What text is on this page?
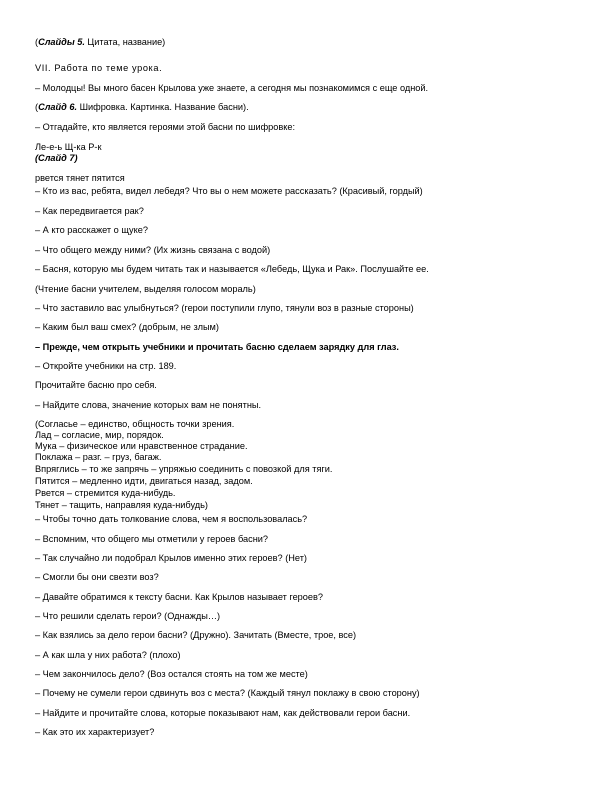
(Слайды 5. Цитата, название)
VII. Работа по теме урока.
– Молодцы! Вы много басен Крылова уже знаете, а сегодня мы познакомимся с еще одной.
(Слайд 6. Шифровка. Картинка. Название басни).
– Отгадайте, кто является героями этой басни по шифровке:
Ле-е-ь Щ-ка Р-к
(Слайд 7)
рвется тянет пятится
– Кто из вас, ребята, видел лебедя? Что вы о нем можете рассказать? (Красивый, гордый)
– Как передвигается рак?
– А кто расскажет о щуке?
– Что общего между ними? (Их жизнь связана с водой)
– Басня, которую мы будем читать так и называется «Лебедь, Щука и Рак». Послушайте ее.
(Чтение басни учителем, выделяя голосом мораль)
– Что заставило вас улыбнуться? (герои поступили глупо, тянули воз в разные стороны)
– Каким был ваш смех? (добрым, не злым)
– Прежде, чем открыть учебники и прочитать басню сделаем зарядку для глаз.
– Откройте учебники на стр. 189.
Прочитайте басню про себя.
– Найдите слова, значение которых вам не понятны.
(Согласье – единство, общность точки зрения.
Лад – согласие, мир, порядок.
Мука – физическое или нравственное страдание.
Поклажа – разг. – груз, багаж.
Впряглись – то же запрячь – упряжью соединить с повозкой для тяги.
Пятится – медленно идти, двигаться назад, задом.
Рвется – стремится куда-нибудь.
Тянет – тащить, направляя куда-нибудь)
– Чтобы точно дать толкование слова, чем я воспользовалась?
– Вспомним, что общего мы отметили у героев басни?
– Так случайно ли подобрал Крылов именно этих героев? (Нет)
– Смогли бы они свезти воз?
– Давайте обратимся к тексту басни. Как Крылов называет героев?
– Что решили сделать герои? (Однажды…)
– Как взялись за дело герои басни? (Дружно). Зачитать (Вместе, трое, все)
– А как шла у них работа? (плохо)
– Чем закончилось дело? (Воз остался стоять на том же месте)
– Почему не сумели герои сдвинуть воз с места? (Каждый тянул поклажу в свою сторону)
– Найдите и прочитайте слова, которые показывают нам, как действовали герои басни.
– Как это их характеризует?
